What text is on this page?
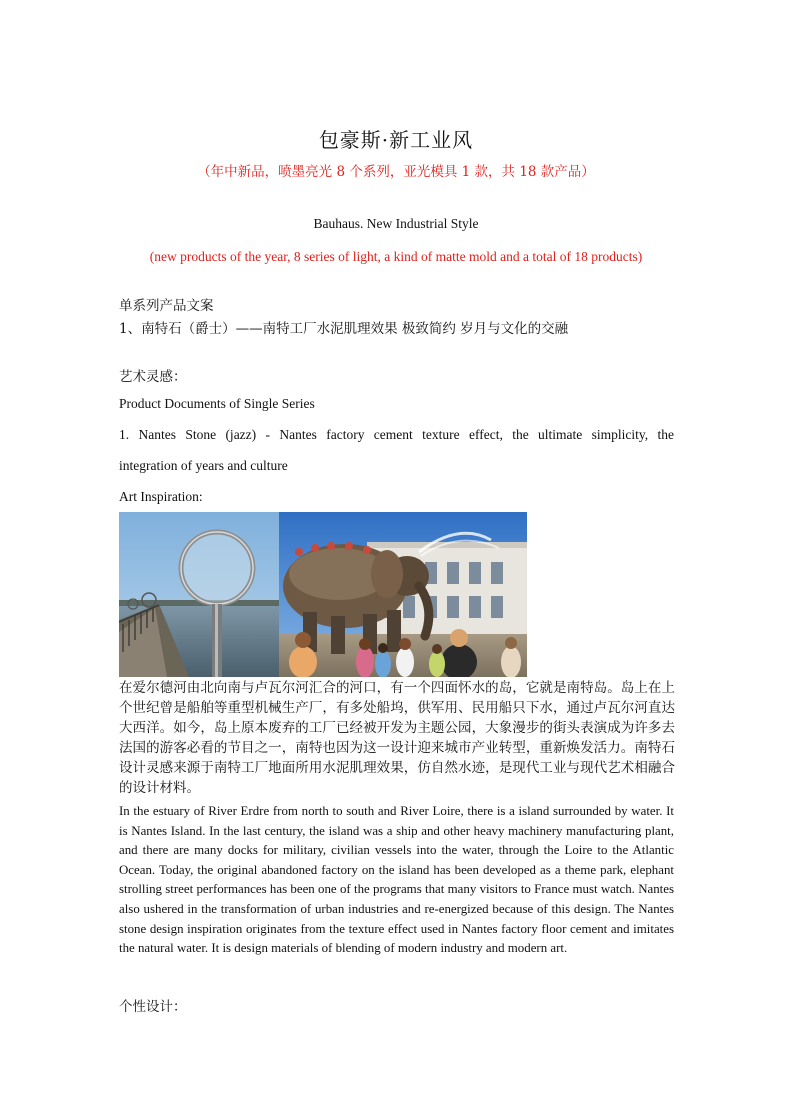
包豪斯·新工业风
（年中新品，喷墨亮光 8 个系列，亚光模具 1 款，共 18 款产品）
Bauhaus. New Industrial Style
(new products of the year, 8 series of light, a kind of matte mold and a total of 18 products)
单系列产品文案
1、南特石（爵士）——南特工厂水泥肌理效果 极致简约 岁月与文化的交融
艺术灵感：
Product Documents of Single Series
1. Nantes Stone (jazz) - Nantes factory cement texture effect, the ultimate simplicity, the
integration of years and culture
Art Inspiration:
在爱尔德河由北向南与卢瓦尔河汇合的河口，有一个四面怀水的岛，它就是南特岛。岛上在上个世纪曾是船舶等重型机械生产厂，有多处船坞，供军用、民用船只下水，通过卢瓦尔河直达大西洋。如今，岛上原本废弃的工厂已经被开发为主题公园，大象漫步的街头表演成为许多去法国的游客必看的节目之一，南特也因为这一设计迎来城市产业转型，重新焕发活力。南特石设计灵感来源于南特工厂地面所用水泥肌理效果，仿自然水迹，是现代工业与现代艺术相融合的设计材料。
In the estuary of River Erdre from north to south and River Loire, there is a island surrounded by water. It is Nantes Island. In the last century, the island was a ship and other heavy machinery manufacturing plant, and there are many docks for military, civilian vessels into the water, through the Loire to the Atlantic Ocean. Today, the original abandoned factory on the island has been developed as a theme park, elephant strolling street performances has been one of the programs that many visitors to France must watch. Nantes also ushered in the transformation of urban industries and re-energized because of this design. The Nantes stone design inspiration originates from the texture effect used in Nantes factory floor cement and imitates the natural water. It is design materials of blending of modern industry and modern art.
个性设计：
